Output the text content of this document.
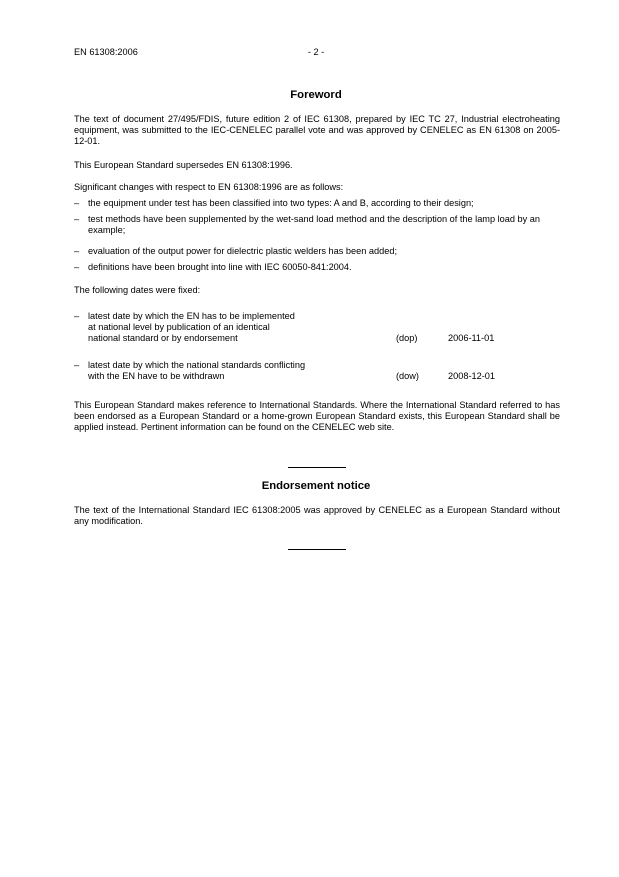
EN 61308:2006	- 2 -
Foreword
The text of document 27/495/FDIS, future edition 2 of IEC 61308, prepared by IEC TC 27, Industrial electroheating equipment, was submitted to the IEC-CENELEC parallel vote and was approved by CENELEC as EN 61308 on 2005-12-01.
This European Standard supersedes EN 61308:1996.
Significant changes with respect to EN 61308:1996 are as follows:
– the equipment under test has been classified into two types: A and B, according to their design;
– test methods have been supplemented by the wet-sand load method and the description of the lamp load by an example;
– evaluation of the output power for dielectric plastic welders has been added;
– definitions have been brought into line with IEC 60050-841:2004.
The following dates were fixed:
– latest date by which the EN has to be implemented
at national level by publication of an identical
national standard or by endorsement	(dop)	2006-11-01
– latest date by which the national standards conflicting
with the EN have to be withdrawn	(dow)	2008-12-01
This European Standard makes reference to International Standards. Where the International Standard referred to has been endorsed as a European Standard or a home-grown European Standard exists, this European Standard shall be applied instead. Pertinent information can be found on the CENELEC web site.
Endorsement notice
The text of the International Standard IEC 61308:2005 was approved by CENELEC as a European Standard without any modification.
